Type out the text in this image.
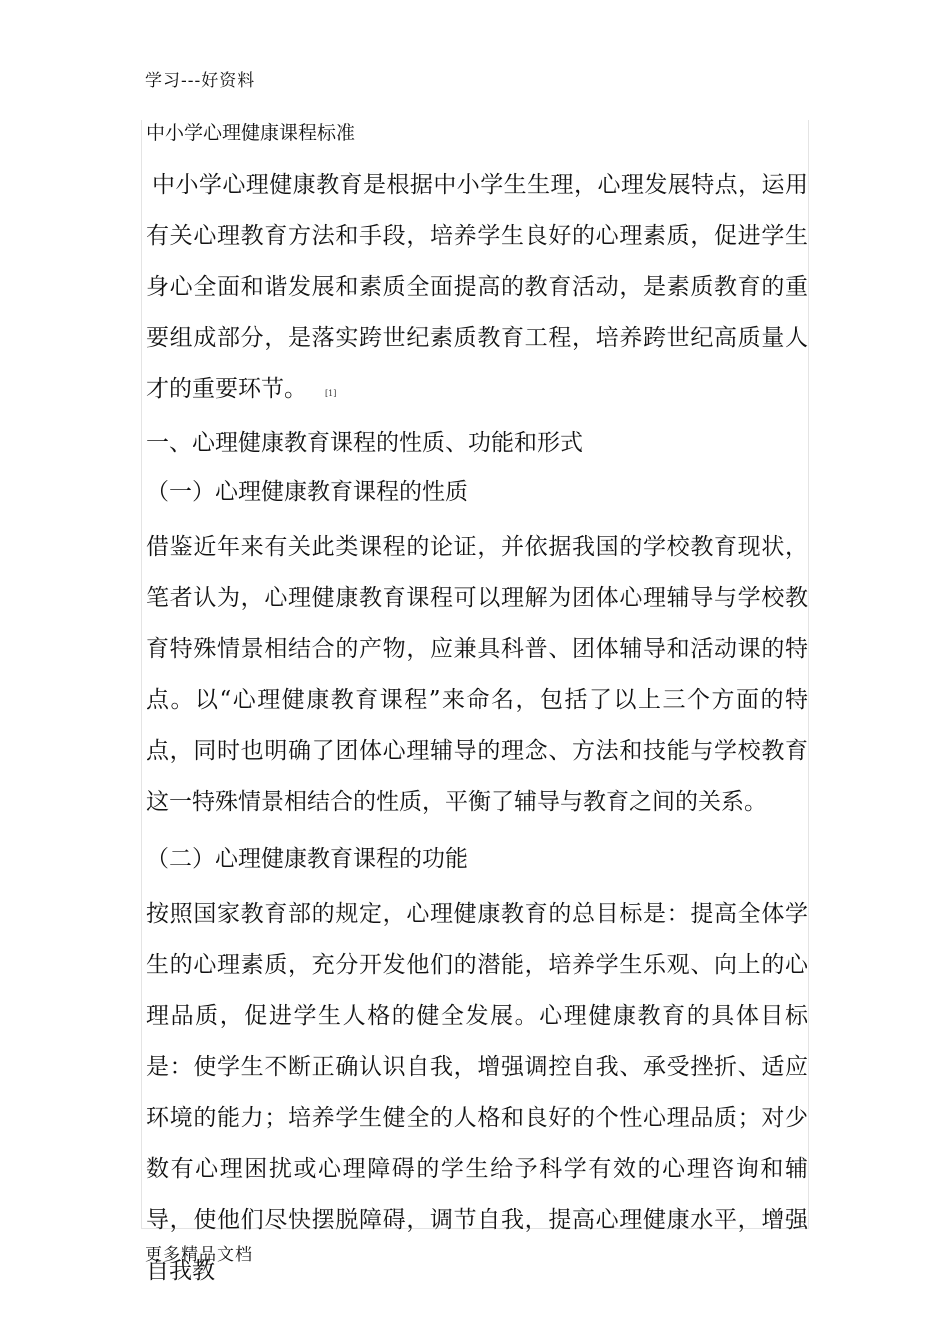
学习---好资料

中小学心理健康课程标准

中小学心理健康教育是根据中小学生生理，心理发展特点，运用有关心理教育方法和手段，培养学生良好的心理素质，促进学生身心全面和谐发展和素质全面提高的教育活动，是素质教育的重要组成部分，是落实跨世纪素质教育工程，培养跨世纪高质量人才的重要环节。 [1]

一、心理健康教育课程的性质、功能和形式

（一）心理健康教育课程的性质

借鉴近年来有关此类课程的论证，并依据我国的学校教育现状，笔者认为，心理健康教育课程可以理解为团体心理辅导与学校教育特殊情景相结合的产物，应兼具科普、团体辅导和活动课的特点。以“心理健康教育课程”来命名，包括了以上三个方面的特点，同时也明确了团体心理辅导的理念、方法和技能与学校教育这一特殊情景相结合的性质，平衡了辅导与教育之间的关系。

（二）心理健康教育课程的功能

按照国家教育部的规定，心理健康教育的总目标是：提高全体学生的心理素质，充分开发他们的潜能，培养学生乐观、向上的心理品质，促进学生人格的健全发展。心理健康教育的具体目标是：使学生不断正确认识自我，增强调控自我、承受挫折、适应环境的能力；培养学生健全的人格和良好的个性心理品质；对少数有心理困扰或心理障碍的学生给予科学有效的心理咨询和辅导，使他们尽快摆脱障碍，调节自我，提高心理健康水平，增强自我教

更多精品文档
